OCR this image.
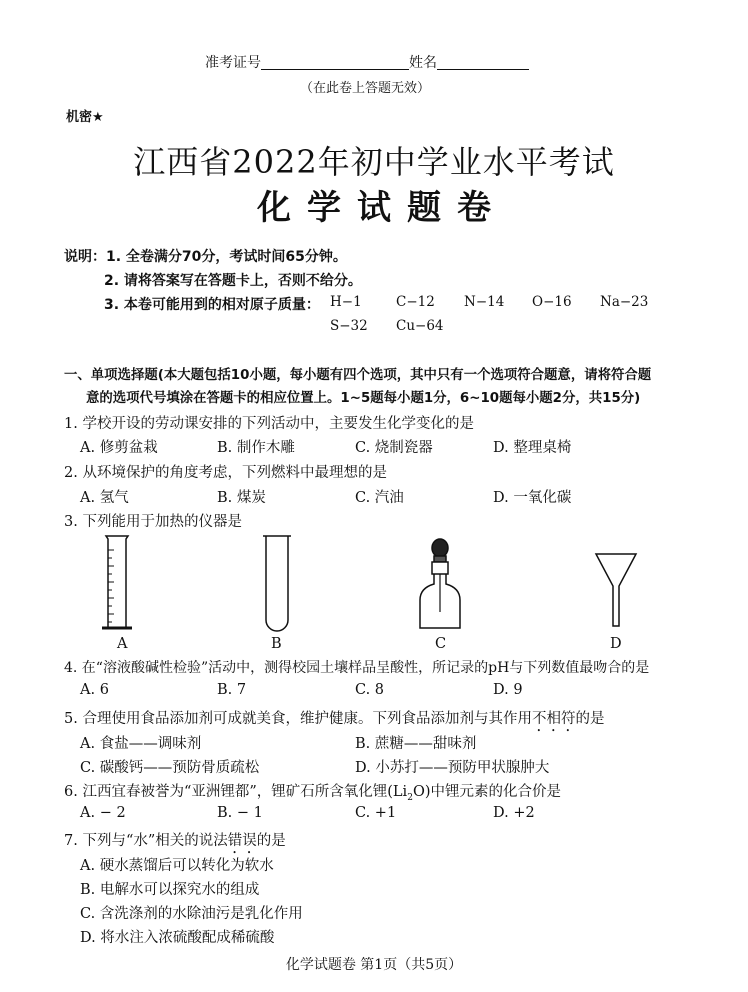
准考证号	姓名
（在此卷上答题无效）
机密★
江西省2022年初中学业水平考试
化学试题卷
说明：1. 全卷满分70分，考试时间65分钟。
2. 请将答案写在答题卡上，否则不给分。
3. 本卷可能用到的相对原子质量： H−1	C−12 N−14 O−16 Na−23
S−32 Cu−64
一、单项选择题(本大题包括10小题，每小题有四个选项，其中只有一个选项符合题意，请将符合题
意的选项代号填涂在答题卡的相应位置上。1~5题每小题1分，6~10题每小题2分，共15分)
1. 学校开设的劳动课安排的下列活动中，主要发生化学变化的是
A. 修剪盆栽	B. 制作木雕	C. 烧制瓷器	D. 整理桌椅
2. 从环境保护的角度考虑，下列燃料中最理想的是
A. 氢气	B. 煤炭	C. 汽油	D. 一氧化碳
3. 下列能用于加热的仪器是
A	B	C	D
4. 在“溶液酸碱性检验”活动中，测得校园土壤样品呈酸性，所记录的pH与下列数值最吻合的是
A. 6	B. 7	C. 8	D. 9
5. 合理使用食品添加剂可成就美食，维护健康。下列食品添加剂与其作用不相符的是
A. 食盐——调味剂	B. 蔗糖——甜味剂
C. 碳酸钙——预防骨质疏松	D. 小苏打——预防甲状腺肿大
6. 江西宜春被誉为“亚洲锂都”，锂矿石所含氧化锂$(Li_2O)$中锂元素的化合价是
A. − 2	B. − 1	C. +1	D. +2
7. 下列与“水”相关的说法错误的是
A. 硬水蒸馏后可以转化为软水
B. 电解水可以探究水的组成
C. 含洗涤剂的水除油污是乳化作用
D. 将水注入浓硫酸配成稀硫酸
化学试题卷 第1页（共5页）
